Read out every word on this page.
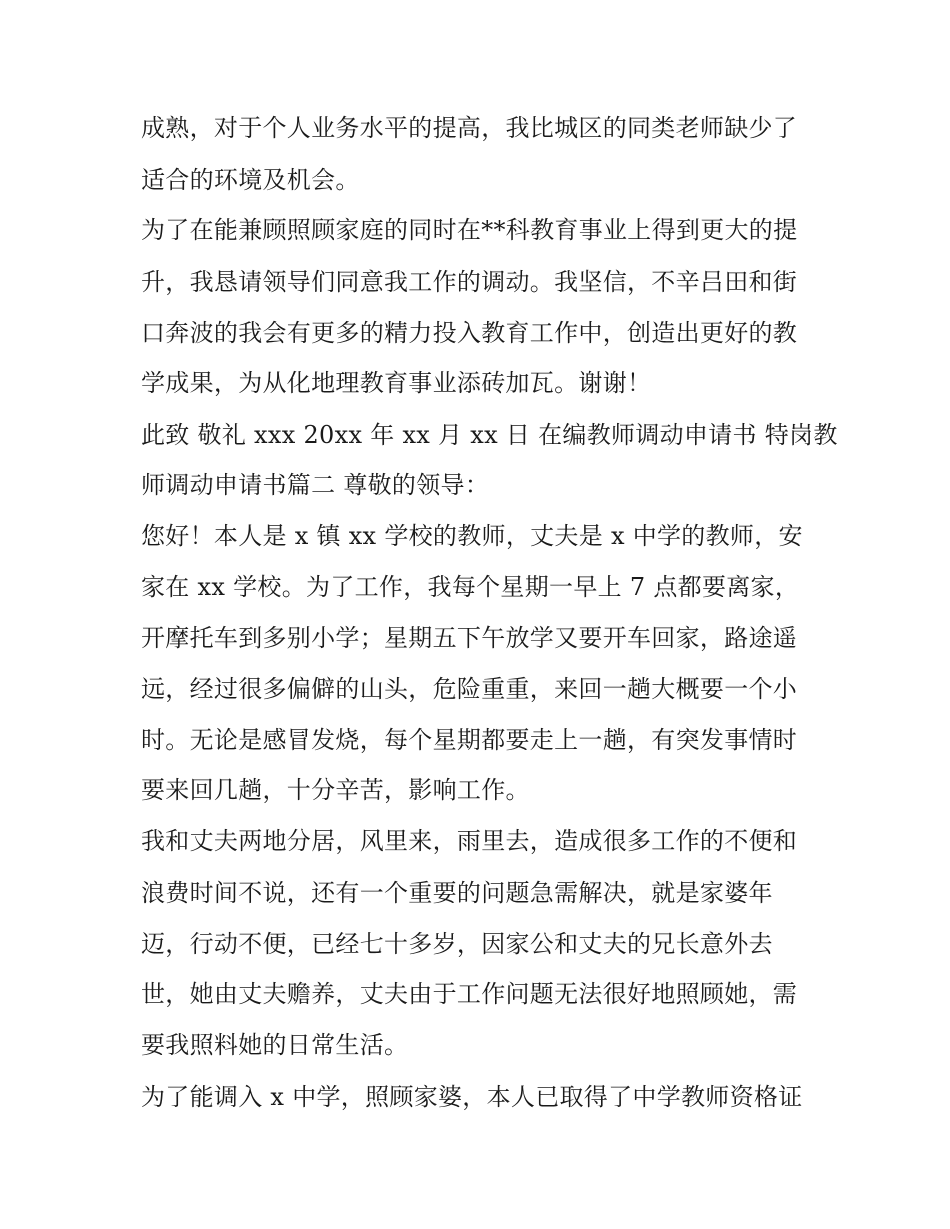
成熟，对于个人业务水平的提高，我比城区的同类老师缺少了
适合的环境及机会。
为了在能兼顾照顾家庭的同时在**科教育事业上得到更大的提
升，我恳请领导们同意我工作的调动。我坚信，不辛吕田和街
口奔波的我会有更多的精力投入教育工作中，创造出更好的教
学成果，为从化地理教育事业添砖加瓦。谢谢！
此致 敬礼 xxx 20xx 年 xx 月 xx 日 在编教师调动申请书 特岗教
师调动申请书篇二 尊敬的领导：
您好！本人是 x 镇 xx 学校的教师，丈夫是 x 中学的教师，安
家在 xx 学校。为了工作，我每个星期一早上 7 点都要离家，
开摩托车到多别小学；星期五下午放学又要开车回家，路途遥
远，经过很多偏僻的山头，危险重重，来回一趟大概要一个小
时。无论是感冒发烧，每个星期都要走上一趟，有突发事情时
要来回几趟，十分辛苦，影响工作。
我和丈夫两地分居，风里来，雨里去，造成很多工作的不便和
浪费时间不说，还有一个重要的问题急需解决，就是家婆年
迈，行动不便，已经七十多岁，因家公和丈夫的兄长意外去
世，她由丈夫赡养，丈夫由于工作问题无法很好地照顾她，需
要我照料她的日常生活。
为了能调入 x 中学，照顾家婆，本人已取得了中学教师资格证
